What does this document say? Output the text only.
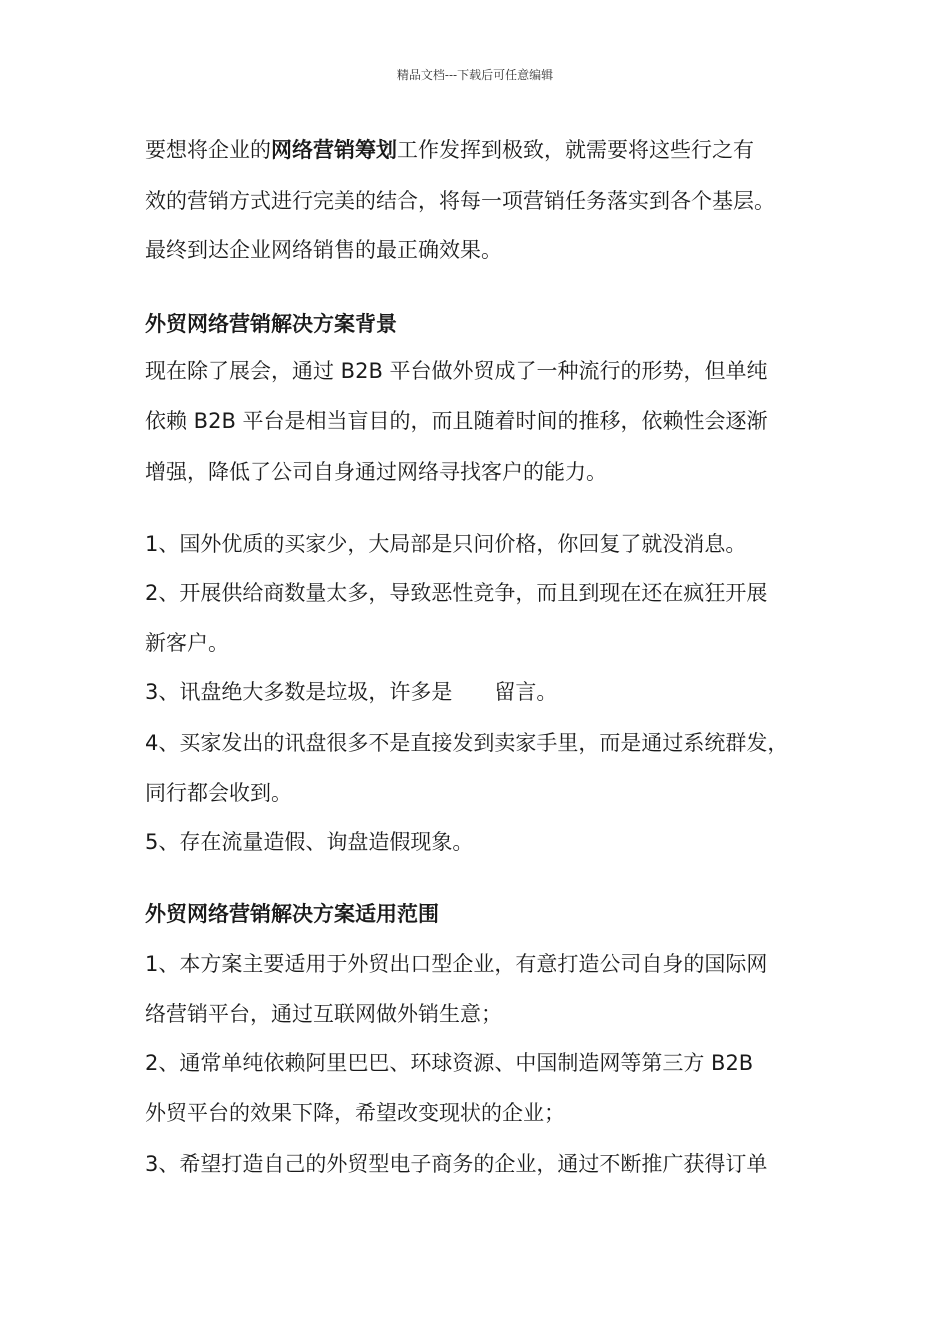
精品文档---下载后可任意编辑
要想将企业的网络营销筹划工作发挥到极致，就需要将这些行之有
效的营销方式进行完美的结合，将每一项营销任务落实到各个基层。
最终到达企业网络销售的最正确效果。
外贸网络营销解决方案背景
现在除了展会，通过 B2B 平台做外贸成了一种流行的形势，但单纯
依赖 B2B 平台是相当盲目的，而且随着时间的推移，依赖性会逐渐
增强，降低了公司自身通过网络寻找客户的能力。
1、国外优质的买家少，大局部是只问价格，你回复了就没消息。
2、开展供给商数量太多，导致恶性竞争，而且到现在还在疯狂开展
新客户。
3、讯盘绝大多数是垃圾，许多是　　留言。
4、买家发出的讯盘很多不是直接发到卖家手里，而是通过系统群发，
同行都会收到。
5、存在流量造假、询盘造假现象。
外贸网络营销解决方案适用范围
1、本方案主要适用于外贸出口型企业，有意打造公司自身的国际网
络营销平台，通过互联网做外销生意；
2、通常单纯依赖阿里巴巴、环球资源、中国制造网等第三方 B2B
外贸平台的效果下降，希望改变现状的企业；
3、希望打造自己的外贸型电子商务的企业，通过不断推广获得订单
